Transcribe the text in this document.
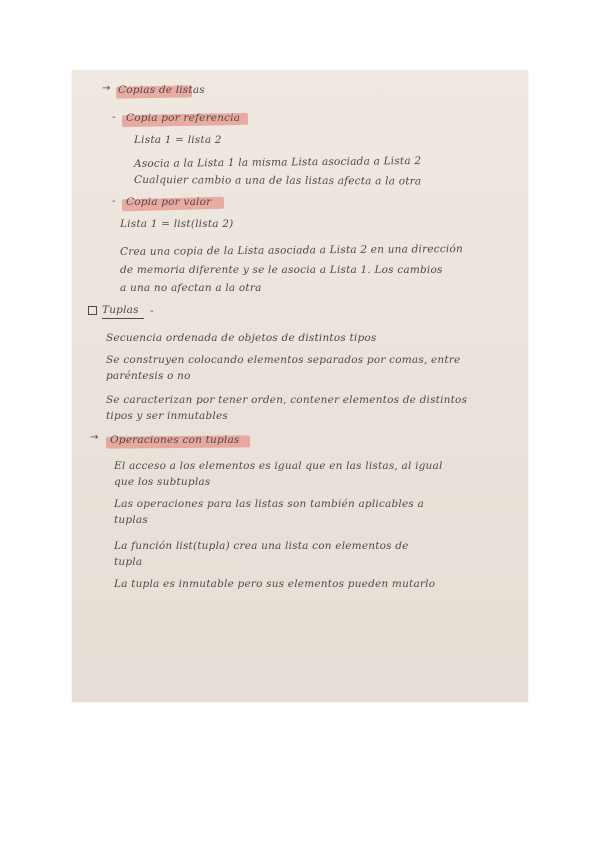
→ Copias de listas
- Copia por referencia
Lista 1 = lista 2
Asocia a la Lista 1 la misma Lista asociada a Lista 2
Cualquier cambio a una de las listas afecta a la otra
- Copia por valor
Lista 1 = list(lista 2)
Crea una copia de la Lista asociada a Lista 2 en una dirección
de memoria diferente y se le asocia a Lista 1. Los cambios
a una no afectan a la otra
Tuplas -
Secuencia ordenada de objetos de distintos tipos
Se construyen colocando elementos separados por comas, entre
paréntesis o no
Se caracterizan por tener orden, contener elementos de distintos
tipos y ser inmutables
→ Operaciones con tuplas
El acceso a los elementos es igual que en las listas, al igual
que los subtuplas
Las operaciones para las listas son también aplicables a
tuplas
La función list(tupla) crea una lista con elementos de
tupla
La tupla es inmutable pero sus elementos pueden mutarlo
